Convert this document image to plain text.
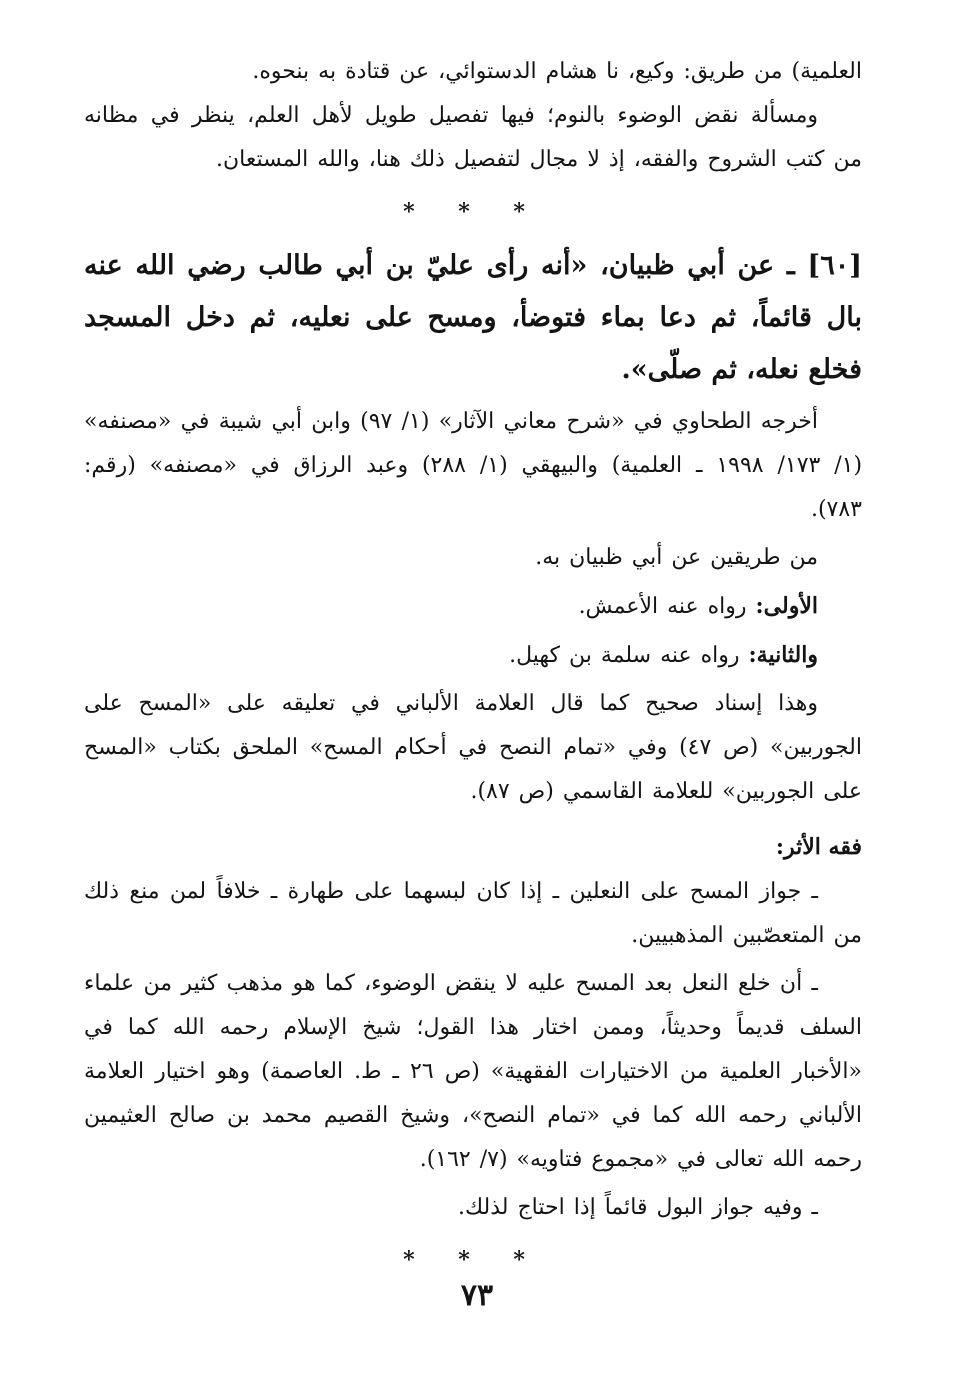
العلمية) من طريق: وكيع، نا هشام الدستوائي، عن قتادة به بنحوه.

ومسألة نقض الوضوء بالنوم؛ فيها تفصيل طويل لأهل العلم، ينظر في مظانه من كتب الشروح والفقه، إذ لا مجال لتفصيل ذلك هنا، والله المستعان.

* * *

[٦٠] ـ عن أبي ظبيان، «أنه رأى عليّ بن أبي طالب رضي الله عنه بال قائماً، ثم دعا بماء فتوضأ، ومسح على نعليه، ثم دخل المسجد فخلع نعله، ثم صلّى».

أخرجه الطحاوي في «شرح معاني الآثار» (١/ ٩٧) وابن أبي شيبة في «مصنفه» (١/ ١٧٣/ ١٩٩٨ ـ العلمية) والبيهقي (١/ ٢٨٨) وعبد الرزاق في «مصنفه» (رقم: ٧٨٣).

من طريقين عن أبي ظبيان به.

الأولى: رواه عنه الأعمش.

والثانية: رواه عنه سلمة بن كهيل.

وهذا إسناد صحيح كما قال العلامة الألباني في تعليقه على «المسح على الجوربين» (ص ٤٧) وفي «تمام النصح في أحكام المسح» الملحق بكتاب «المسح على الجوربين» للعلامة القاسمي (ص ٨٧).

فقه الأثر:

ـ جواز المسح على النعلين ـ إذا كان لبسهما على طهارة ـ خلافاً لمن منع ذلك من المتعصّبين المذهبيين.

ـ أن خلع النعل بعد المسح عليه لا ينقض الوضوء، كما هو مذهب كثير من علماء السلف قديماً وحديثاً، وممن اختار هذا القول؛ شيخ الإسلام رحمه الله كما في «الأخبار العلمية من الاختيارات الفقهية» (ص ٢٦ ـ ط. العاصمة) وهو اختيار العلامة الألباني رحمه الله كما في «تمام النصح»، وشيخ القصيم محمد بن صالح العثيمين رحمه الله تعالى في «مجموع فتاويه» (٧/ ١٦٢).

ـ وفيه جواز البول قائماً إذا احتاج لذلك.

* * *
٧٣
